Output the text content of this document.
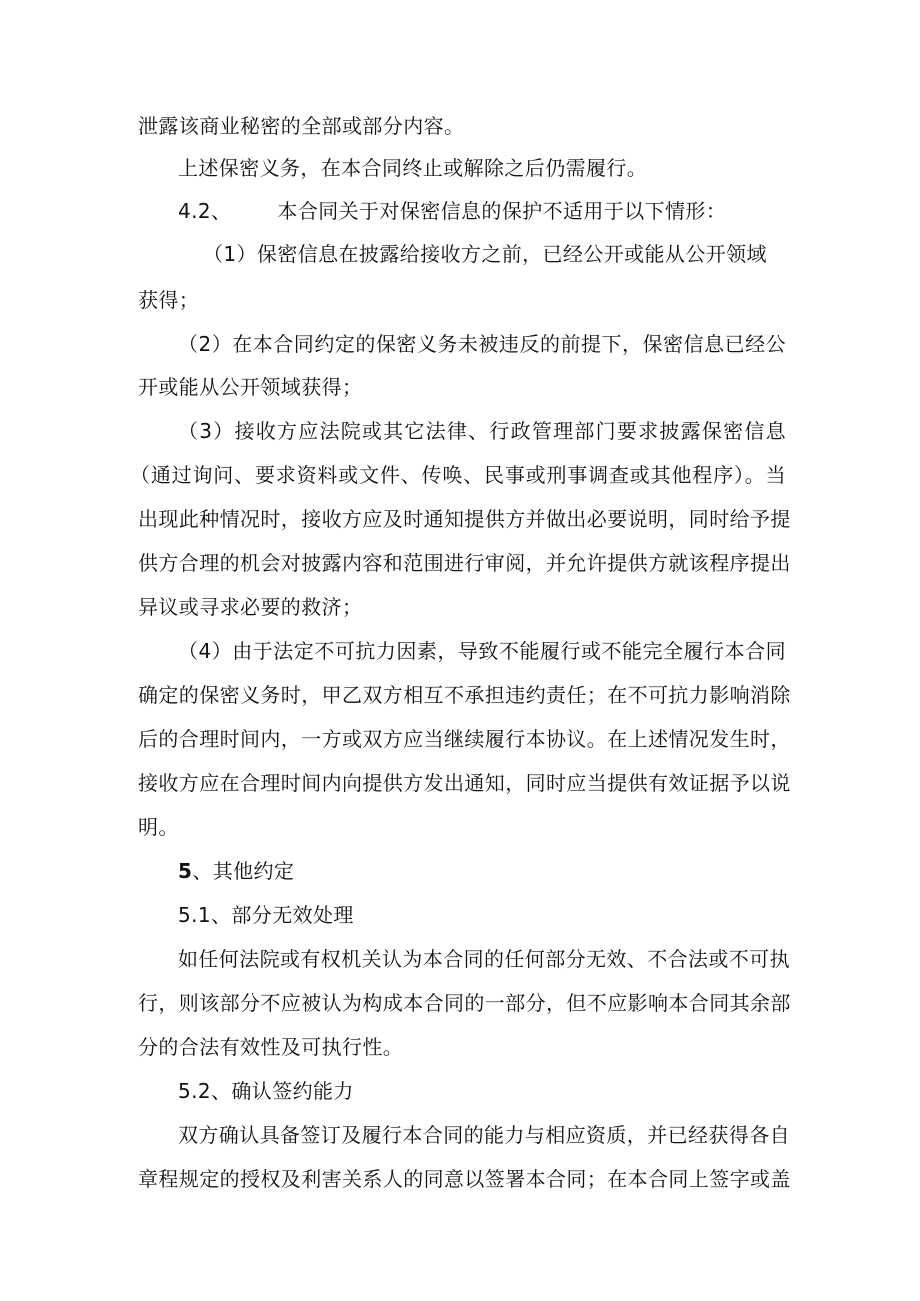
泄露该商业秘密的全部或部分内容。
上述保密义务，在本合同终止或解除之后仍需履行。
4.2、 本合同关于对保密信息的保护不适用于以下情形：
（1）保密信息在披露给接收方之前，已经公开或能从公开领域
获得；
（2）在本合同约定的保密义务未被违反的前提下，保密信息已经公
开或能从公开领域获得；
（3）接收方应法院或其它法律、行政管理部门要求披露保密信息
（通过询问、要求资料或文件、传唤、民事或刑事调查或其他程序）。当
出现此种情况时，接收方应及时通知提供方并做出必要说明，同时给予提
供方合理的机会对披露内容和范围进行审阅，并允许提供方就该程序提出
异议或寻求必要的救济；
（4）由于法定不可抗力因素，导致不能履行或不能完全履行本合同
确定的保密义务时，甲乙双方相互不承担违约责任；在不可抗力影响消除
后的合理时间内，一方或双方应当继续履行本协议。在上述情况发生时，
接收方应在合理时间内向提供方发出通知，同时应当提供有效证据予以说
明。
5、其他约定
5.1、部分无效处理
如任何法院或有权机关认为本合同的任何部分无效、不合法或不可执
行，则该部分不应被认为构成本合同的一部分，但不应影响本合同其余部
分的合法有效性及可执行性。
5.2、确认签约能力
双方确认具备签订及履行本合同的能力与相应资质，并已经获得各自
章程规定的授权及利害关系人的同意以签署本合同；在本合同上签字或盖
